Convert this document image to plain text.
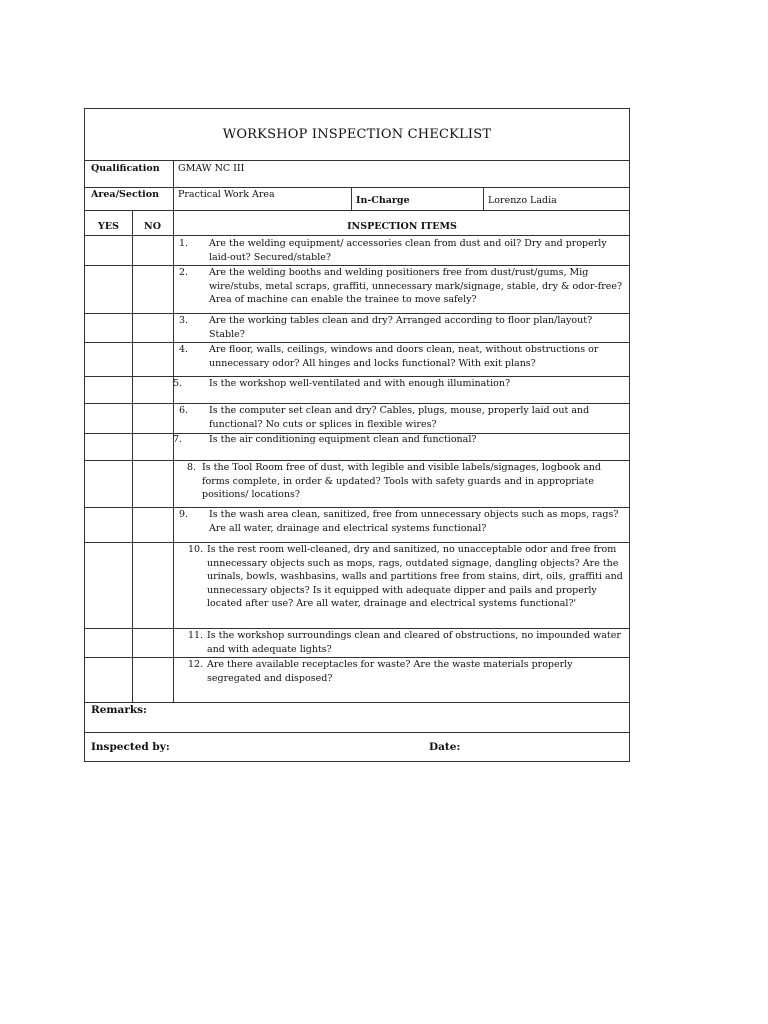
WORKSHOP INSPECTION CHECKLIST
Qualification	GMAW NC III
Area/Section	Practical Work Area
In-Charge	Lorenzo Ladia
YES	NO	INSPECTION ITEMS
1. Are the welding equipment/ accessories clean from dust and oil? Dry and properly laid-out? Secured/stable?
2. Are the welding booths and welding positioners free from dust/rust/gums, Mig wire/stubs, metal scraps, graffiti, unnecessary mark/signage, stable, dry & odor-free? Area of machine can enable the trainee to move safely?
3. Are the working tables clean and dry? Arranged according to floor plan/layout? Stable?
4. Are floor, walls, ceilings, windows and doors clean, neat, without obstructions or unnecessary odor? All hinges and locks functional? With exit plans?
5.	Is the workshop well-ventilated and with enough illumination?
6. Is the computer set clean and dry? Cables, plugs, mouse, properly laid out and functional? No cuts or splices in flexible wires?
7.	Is the air conditioning equipment clean and functional?
8. Is the Tool Room free of dust, with legible and visible labels/signages, logbook and forms complete, in order & updated? Tools with safety guards and in appropriate positions/ locations?
9. Is the wash area clean, sanitized, free from unnecessary objects such as mops, rags? Are all water, drainage and electrical systems functional?
10. Is the rest room well-cleaned, dry and sanitized, no unacceptable odor and free from unnecessary objects such as mops, rags, outdated signage, dangling objects? Are the urinals, bowls, washbasins, walls and partitions free from stains, dirt, oils, graffiti and unnecessary objects? Is it equipped with adequate dipper and pails and properly located after use? Are all water, drainage and electrical systems functional?'
11. Is the workshop surroundings clean and cleared of obstructions, no impounded water and with adequate lights?
12. Are there available receptacles for waste? Are the waste materials properly segregated and disposed?
Remarks:
Inspected by:	Date:
